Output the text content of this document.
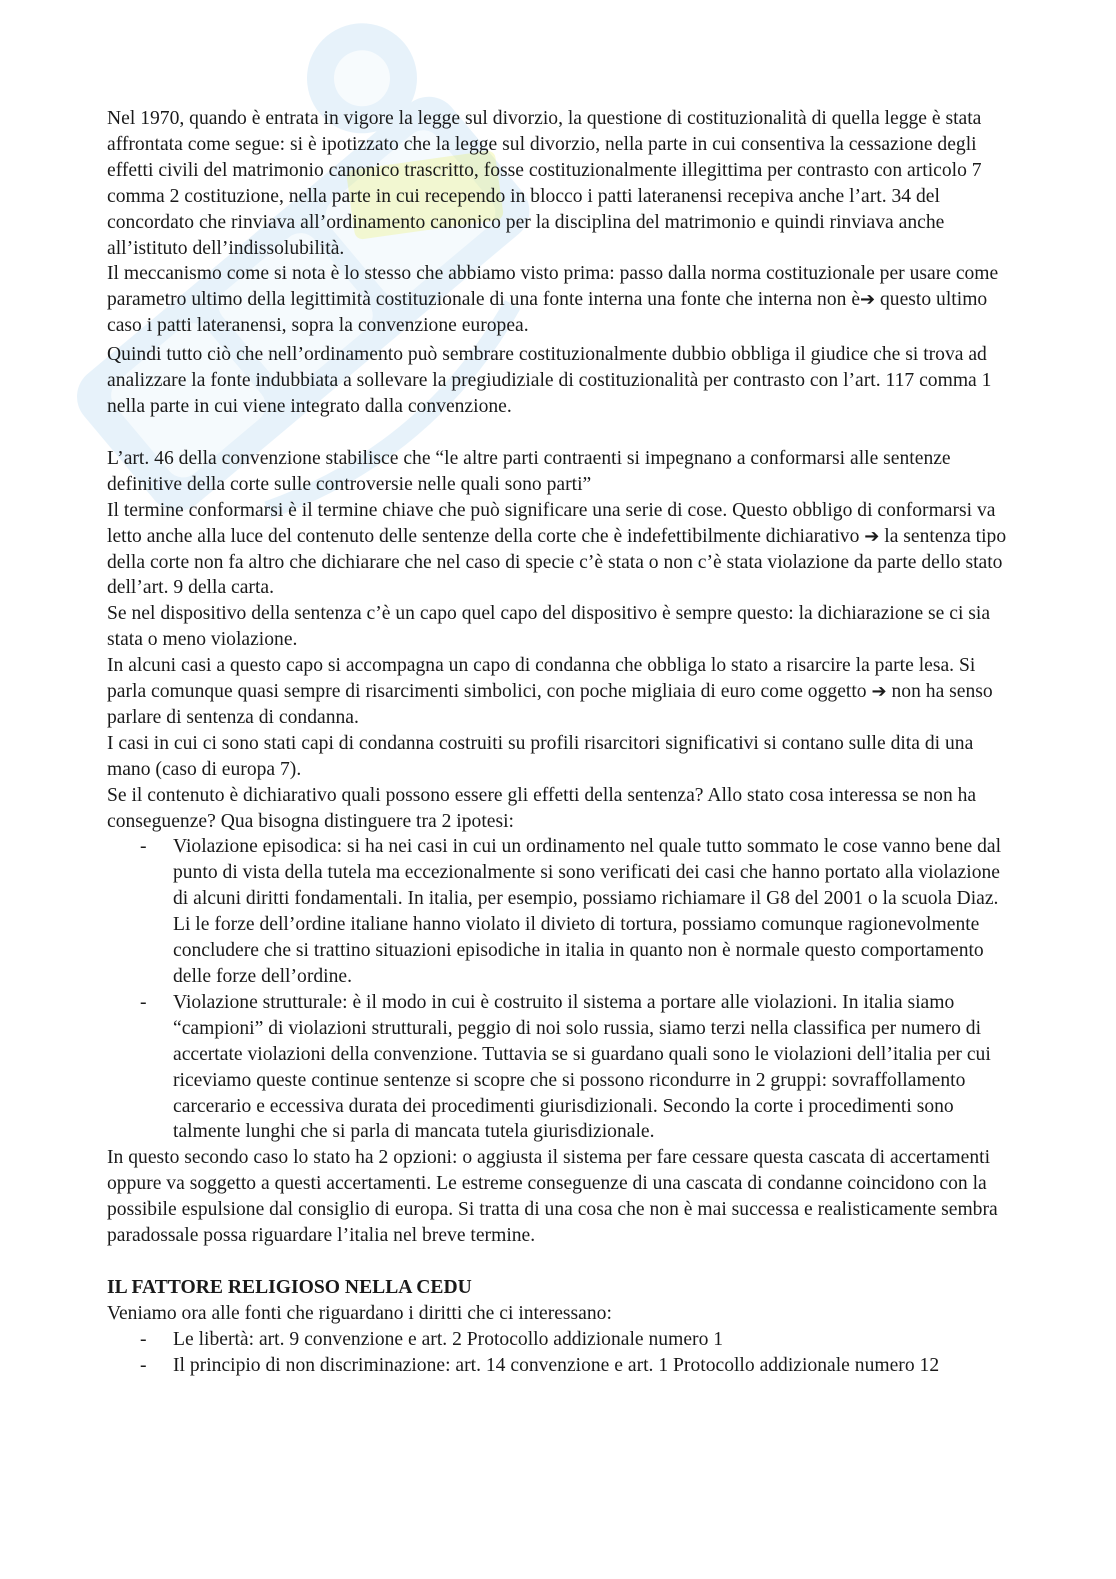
Nel 1970, quando è entrata in vigore la legge sul divorzio, la questione di costituzionalità di quella legge è stata affrontata come segue: si è ipotizzato che la legge sul divorzio, nella parte in cui consentiva la cessazione degli effetti civili del matrimonio canonico trascritto, fosse costituzionalmente illegittima per contrasto con articolo 7 comma 2 costituzione, nella parte in cui recependo in blocco i patti lateranensi recepiva anche l’art. 34 del concordato che rinviava all’ordinamento canonico per la disciplina del matrimonio e quindi rinviava anche all’istituto dell’indissolubilità.

Il meccanismo come si nota è lo stesso che abbiamo visto prima: passo dalla norma costituzionale per usare come parametro ultimo della legittimità costituzionale di una fonte interna una fonte che interna non è➔ questo ultimo caso i patti lateranensi, sopra la convenzione europea.

Quindi tutto ciò che nell’ordinamento può sembrare costituzionalmente dubbio obbliga il giudice che si trova ad analizzare la fonte indubbiata a sollevare la pregiudiziale di costituzionalità per contrasto con l’art. 117 comma 1 nella parte in cui viene integrato dalla convenzione.

L’art. 46 della convenzione stabilisce che “le altre parti contraenti si impegnano a conformarsi alle sentenze definitive della corte sulle controversie nelle quali sono parti”

Il termine conformarsi è il termine chiave che può significare una serie di cose. Questo obbligo di conformarsi va letto anche alla luce del contenuto delle sentenze della corte che è indefettibilmente dichiarativo ➔ la sentenza tipo della corte non fa altro che dichiarare che nel caso di specie c’è stata o non c’è stata violazione da parte dello stato dell’art. 9 della carta.

Se nel dispositivo della sentenza c’è un capo quel capo del dispositivo è sempre questo: la dichiarazione se ci sia stata o meno violazione.

In alcuni casi a questo capo si accompagna un capo di condanna che obbliga lo stato a risarcire la parte lesa. Si parla comunque quasi sempre di risarcimenti simbolici, con poche migliaia di euro come oggetto ➔ non ha senso parlare di sentenza di condanna.

I casi in cui ci sono stati capi di condanna costruiti su profili risarcitori significativi si contano sulle dita di una mano (caso di europa 7).

Se il contenuto è dichiarativo quali possono essere gli effetti della sentenza? Allo stato cosa interessa se non ha conseguenze? Qua bisogna distinguere tra 2 ipotesi:

- Violazione episodica: si ha nei casi in cui un ordinamento nel quale tutto sommato le cose vanno bene dal punto di vista della tutela ma eccezionalmente si sono verificati dei casi che hanno portato alla violazione di alcuni diritti fondamentali. In italia, per esempio, possiamo richiamare il G8 del 2001 o la scuola Diaz. Li le forze dell’ordine italiane hanno violato il divieto di tortura, possiamo comunque ragionevolmente concludere che si trattino situazioni episodiche in italia in quanto non è normale questo comportamento delle forze dell’ordine.
- Violazione strutturale: è il modo in cui è costruito il sistema a portare alle violazioni. In italia siamo “campioni” di violazioni strutturali, peggio di noi solo russia, siamo terzi nella classifica per numero di accertate violazioni della convenzione. Tuttavia se si guardano quali sono le violazioni dell’italia per cui riceviamo queste continue sentenze si scopre che si possono ricondurre in 2 gruppi: sovraffollamento carcerario e eccessiva durata dei procedimenti giurisdizionali. Secondo la corte i procedimenti sono talmente lunghi che si parla di mancata tutela giurisdizionale.

In questo secondo caso lo stato ha 2 opzioni: o aggiusta il sistema per fare cessare questa cascata di accertamenti oppure va soggetto a questi accertamenti. Le estreme conseguenze di una cascata di condanne coincidono con la possibile espulsione dal consiglio di europa. Si tratta di una cosa che non è mai successa e realisticamente sembra paradossale possa riguardare l’italia nel breve termine.

IL FATTORE RELIGIOSO NELLA CEDU

Veniamo ora alle fonti che riguardano i diritti che ci interessano:

- Le libertà: art. 9 convenzione e art. 2 Protocollo addizionale numero 1
- Il principio di non discriminazione: art. 14 convenzione e art. 1 Protocollo addizionale numero 12
